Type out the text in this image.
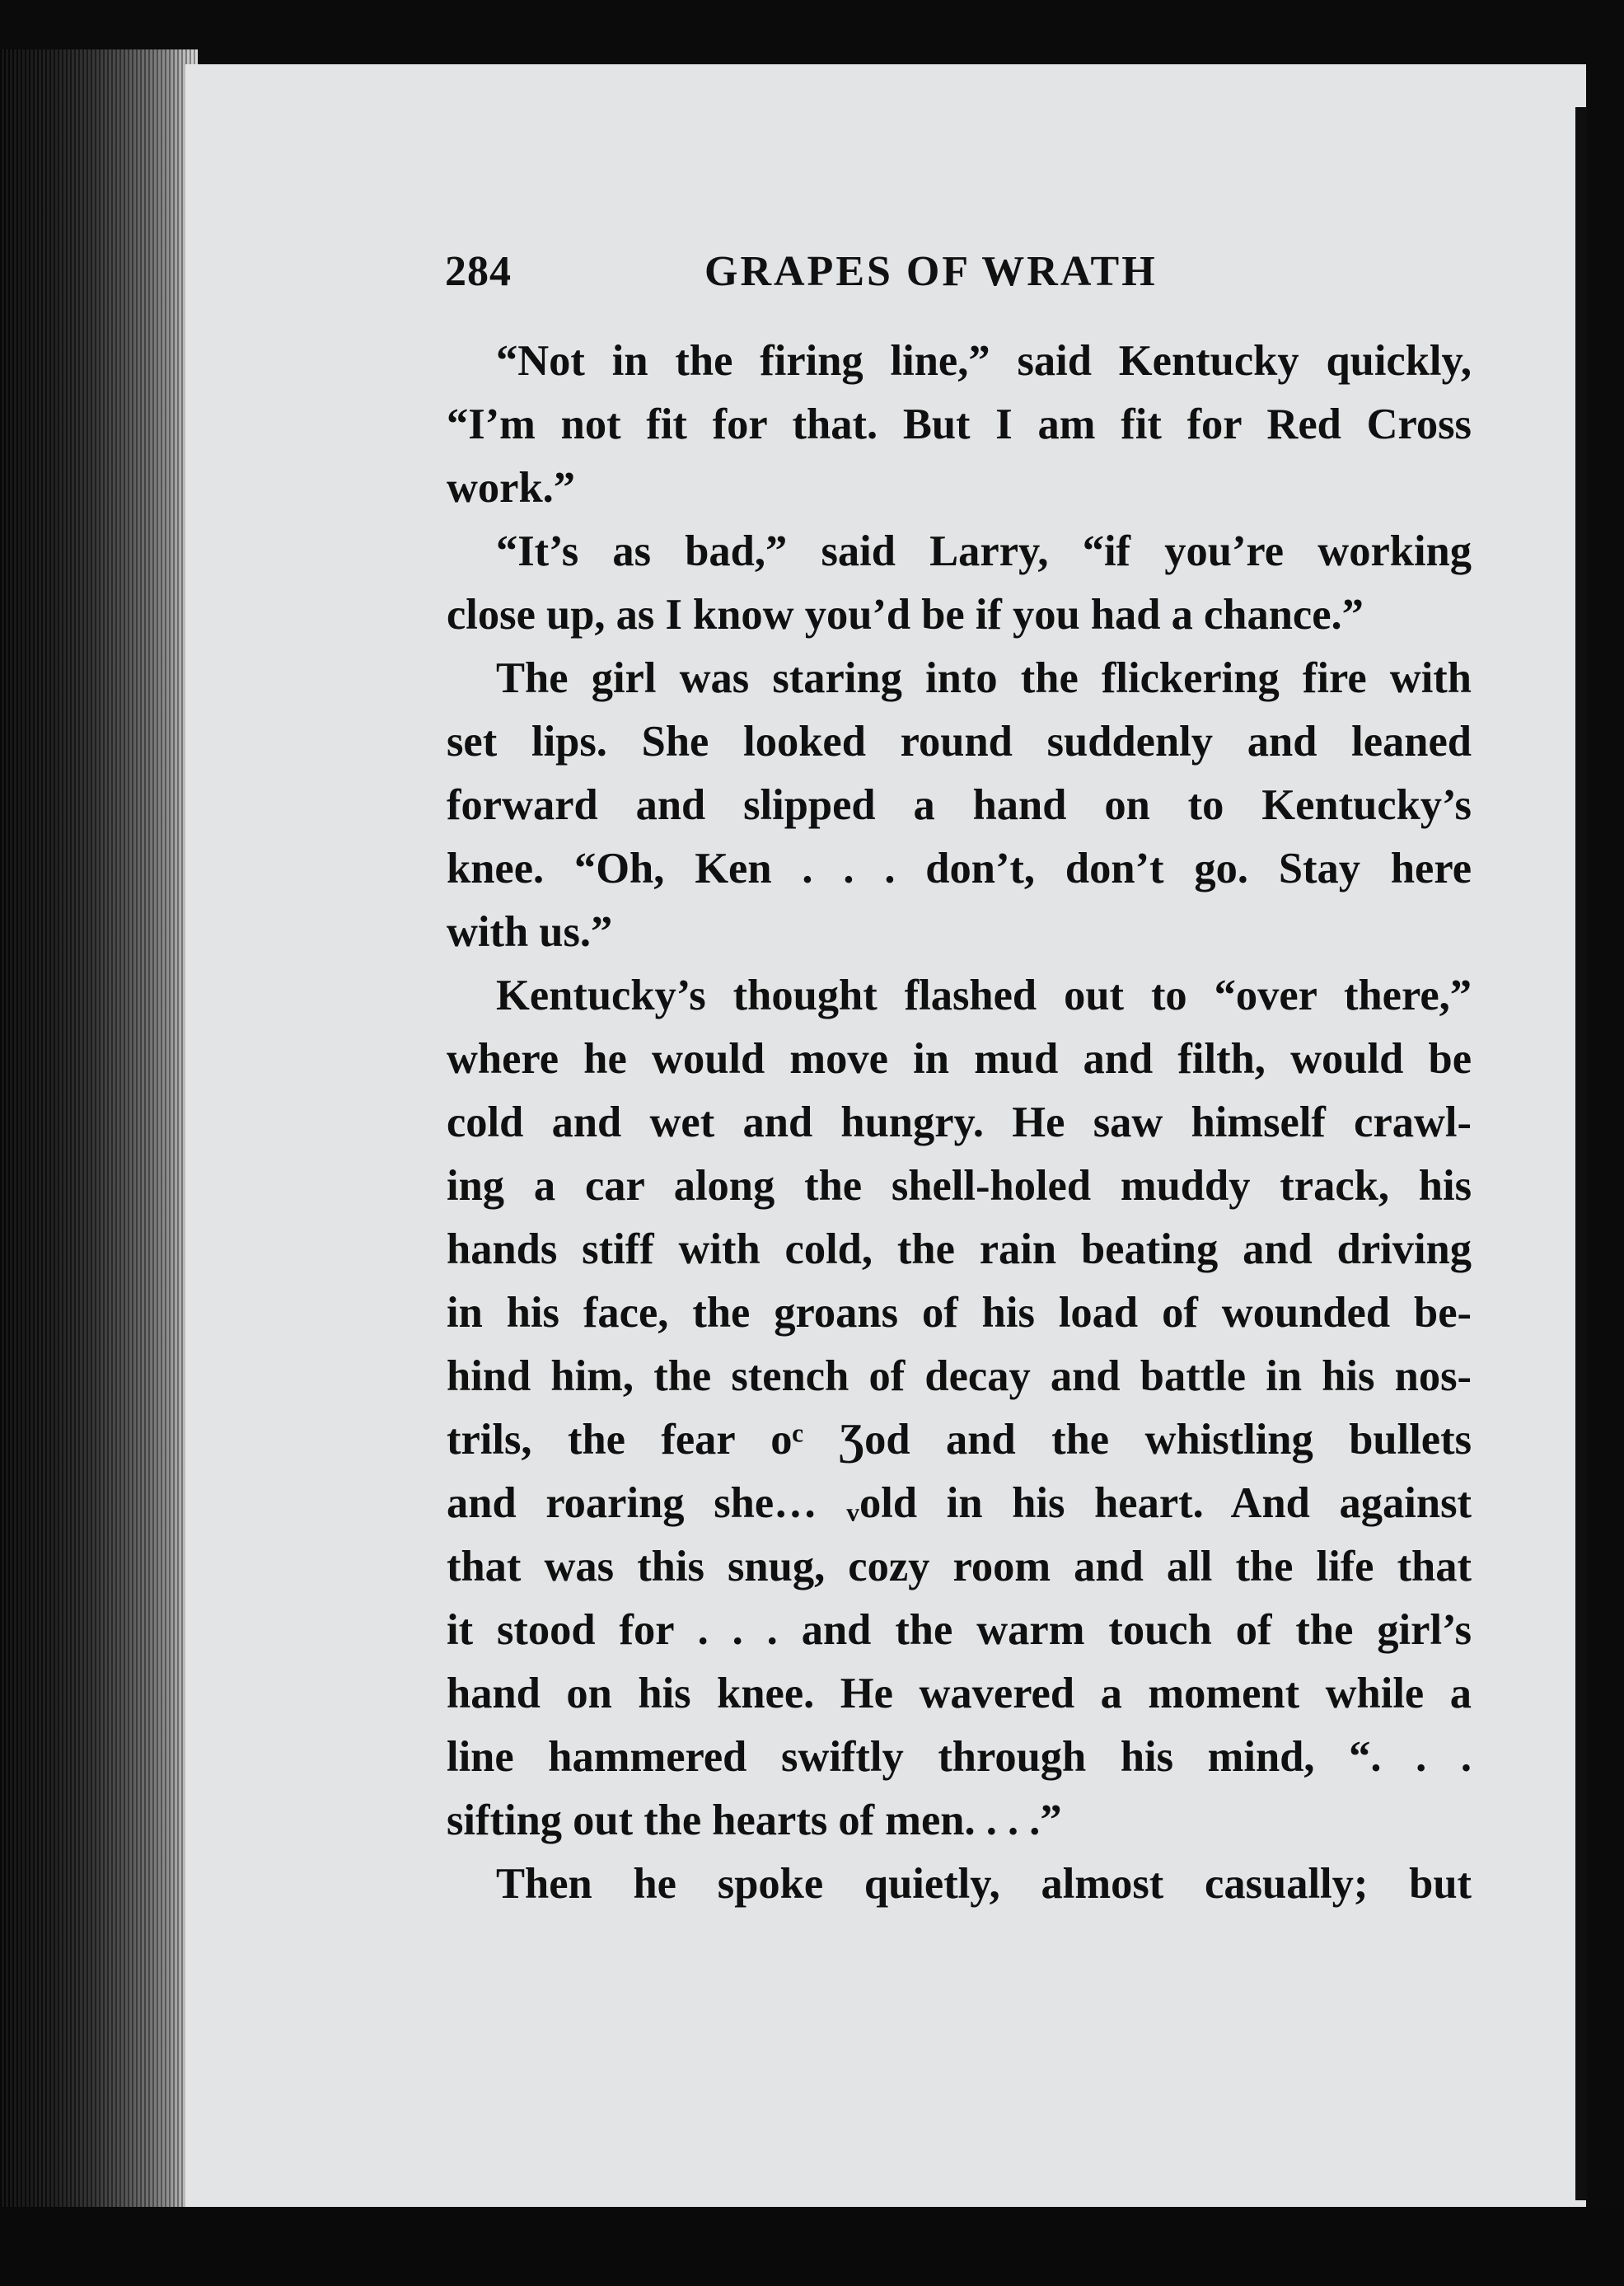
284	GRAPES OF WRATH
“Not in the firing line,” said Kentucky quickly,
“I’m not fit for that. But I am fit for Red Cross
work.”
“It’s as bad,” said Larry, “if you’re working
close up, as I know you’d be if you had a chance.”
The girl was staring into the flickering fire with
set lips. She looked round suddenly and leaned
forward and slipped a hand on to Kentucky’s
knee. “Oh, Ken . . . don’t, don’t go. Stay here
with us.”
Kentucky’s thought flashed out to “over there,”
where he would move in mud and filth, would be
cold and wet and hungry. He saw himself crawl-
ing a car along the shell-holed muddy track, his
hands stiff with cold, the rain beating and driving
in his face, the groans of his load of wounded be-
hind him, the stench of decay and battle in his nos-
trils, the fear oᶜ Ʒod and the whistling bullets
and roaring she… ᵥold in his heart. And against
that was this snug, cozy room and all the life that
it stood for . . . and the warm touch of the girl’s
hand on his knee. He wavered a moment while a
line hammered swiftly through his mind, “. . .
sifting out the hearts of men. . . .”
Then he spoke quietly, almost casually; but
